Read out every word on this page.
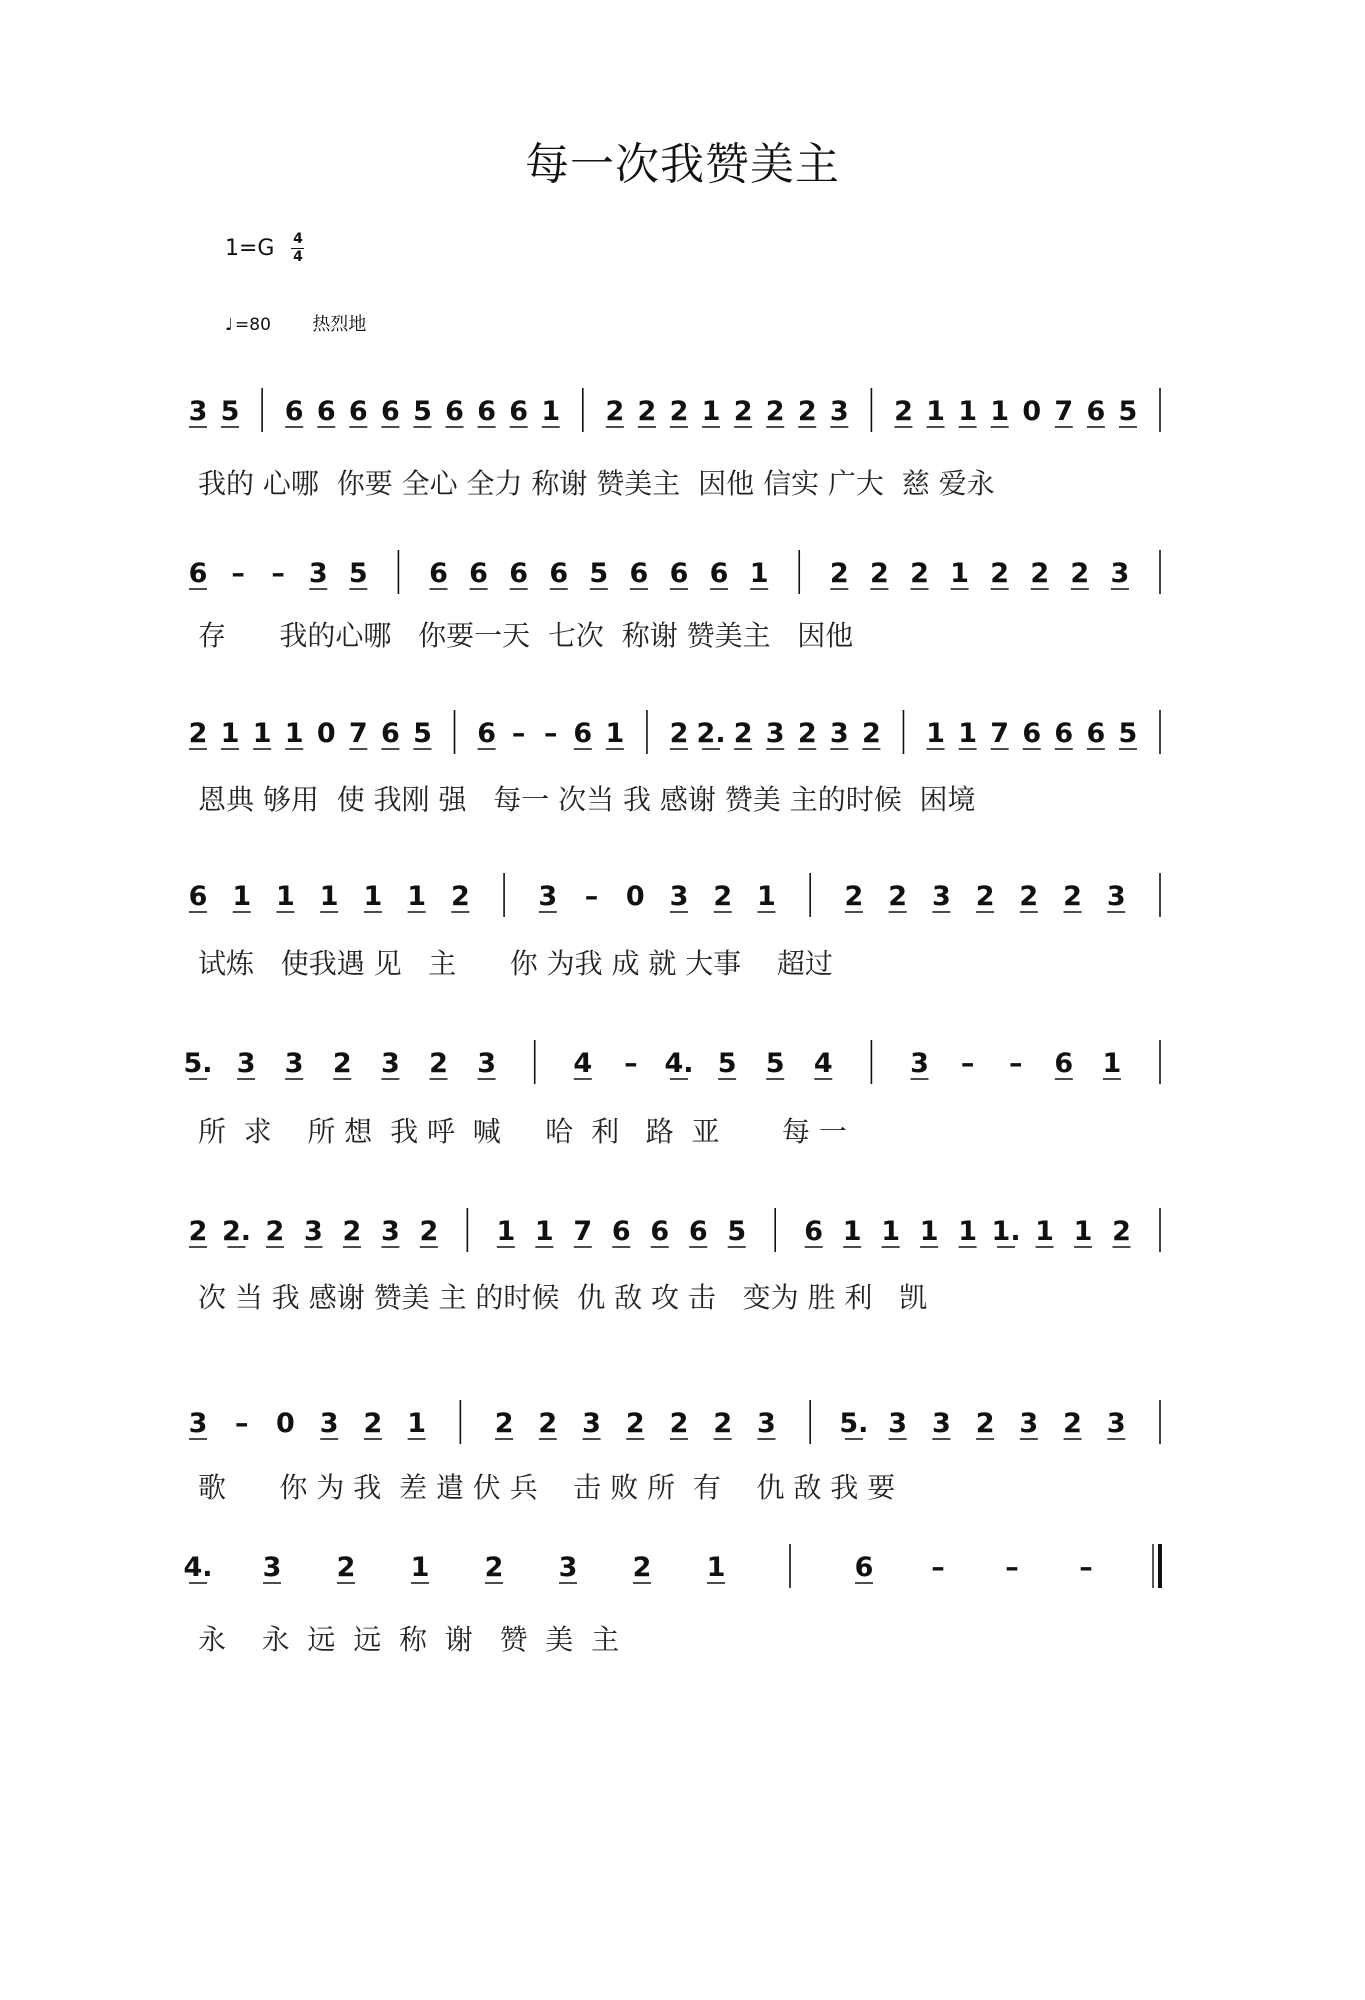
每一次我赞美主
$1=G \frac{4}{4}$
♩ =80 热烈地
3 5 6 6 6 6 5 6 6 6 1 2 2 2 1 2 2 2 3 2 1 1 1 0 7 6 5
6 – – 3 5 6 6 6 6 5 6 6 6 1 2 2 2 1 2 2 2 3
2 1 1 1 0 7 6 5 6 – – 6 1 2 2. 2 3 2 3 2 1 1 7 6 6 6 5
6 1 1 1 1 1 2	3 – 0 3 2 1	2 2 3 2 2 2 3
5. 3 3 2 3 2 3	4 – 4. 5 5 4	3 – – 6 1
2 2. 2 3 2 3 2 1 1 7 6 6 6 5 6 1 1 1 1 1. 1 1 2
3 – 0 3 2 1	2 2 3 2 2 2 3 5. 3 3 2 3 2 3
4. 3 2 1 2 3 2 1	6 – – –
我的 心哪  你要 全心 全力 称谢 赞美主  因他 信实 广大  慈 爱永
存      我的心哪   你要一天  七次  称谢 赞美主   因他
恩典 够用  使 我刚 强   每一 次当 我 感谢 赞美 主的时候  困境
试炼   使我遇 见   主      你 为我 成 就 大事    超过
所  求    所 想  我 呼  喊     哈  利   路  亚       每 一
次 当 我 感谢 赞美 主 的时候  仇 敌 攻 击   变为 胜 利   凯
歌      你 为 我  差 遣 伏 兵    击 败 所  有    仇 敌 我 要
永    永  远  远  称  谢   赞  美  主
